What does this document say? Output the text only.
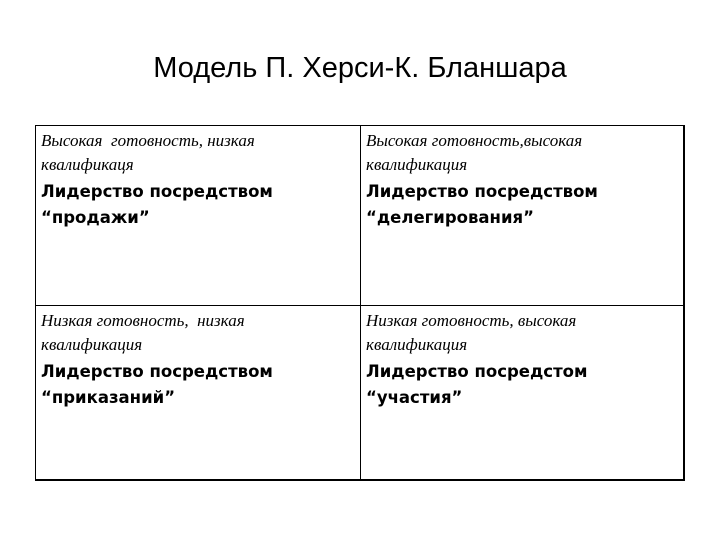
Модель П. Херси-К. Бланшара
Высокая  готовность, низкая квалификаця
Лидерство посредством “продажи”
Высокая готовность,высокая квалификация
Лидерство посредством “делегирования”
Низкая готовность,  низкая квалификация
Лидерство посредством “приказаний”
Низкая готовность, высокая квалификация
Лидерство посредстом “участия”
